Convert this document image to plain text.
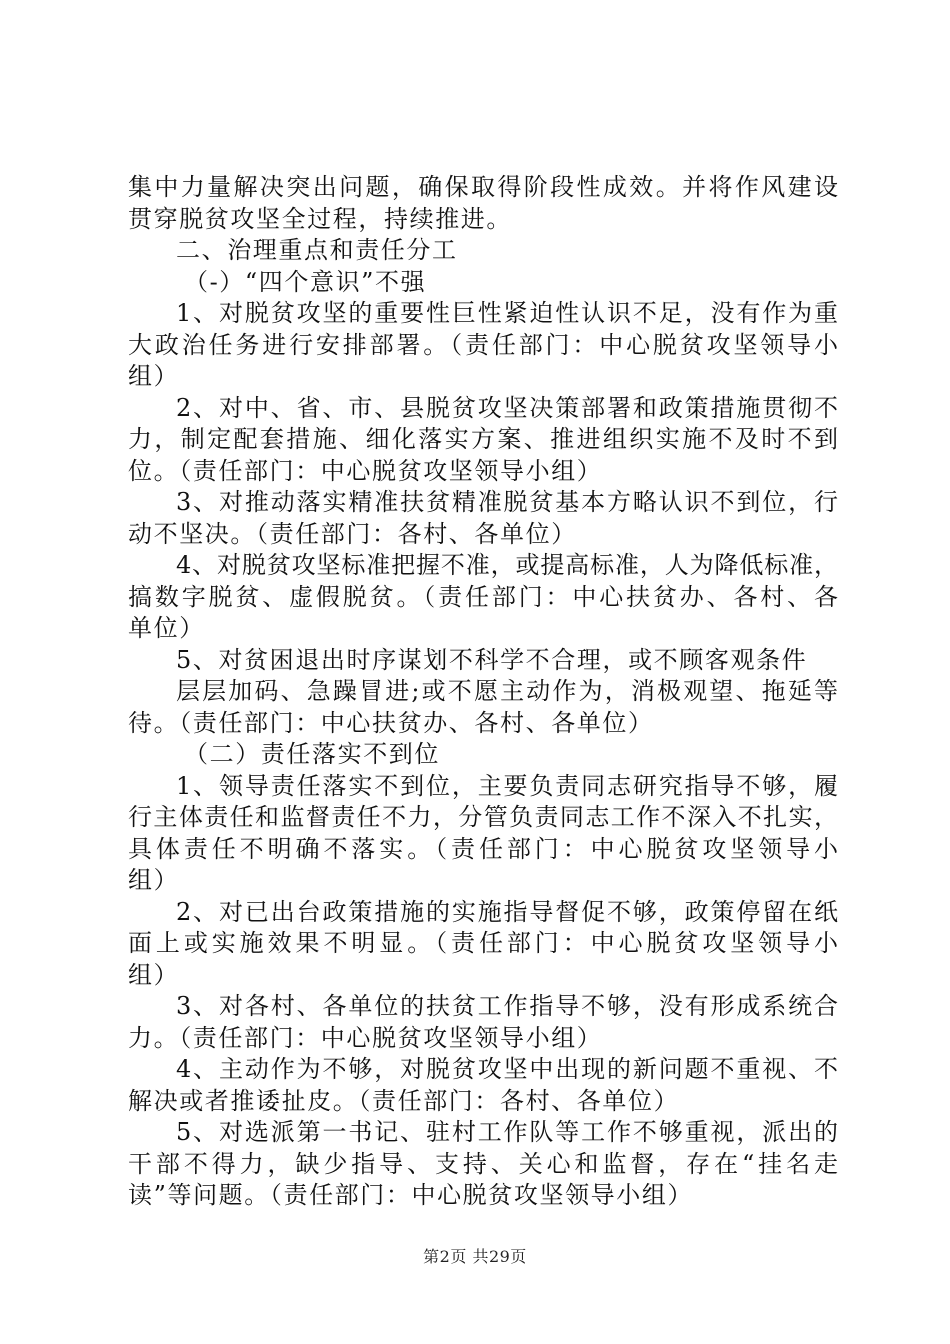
集中力量解决突出问题，确保取得阶段性成效。并将作风建设
贯穿脱贫攻坚全过程，持续推进。
二、治理重点和责任分工
（-）“四个意识”不强
1、对脱贫攻坚的重要性巨性紧迫性认识不足，没有作为重
大政治任务进行安排部署。（责任部门：中心脱贫攻坚领导小
组）
2、对中、省、市、县脱贫攻坚决策部署和政策措施贯彻不
力，制定配套措施、细化落实方案、推进组织实施不及时不到
位。（责任部门：中心脱贫攻坚领导小组）
3、对推动落实精准扶贫精准脱贫基本方略认识不到位，行
动不坚决。（责任部门：各村、各单位）
4、对脱贫攻坚标准把握不准，或提高标准，人为降低标准，
搞数字脱贫、虚假脱贫。（责任部门：中心扶贫办、各村、各
单位）
5、对贫困退出时序谋划不科学不合理，或不顾客观条件
层层加码、急躁冒进;或不愿主动作为，消极观望、拖延等
待。（责任部门：中心扶贫办、各村、各单位）
（二）责任落实不到位
1、领导责任落实不到位，主要负责同志研究指导不够，履
行主体责任和监督责任不力，分管负责同志工作不深入不扎实，
具体责任不明确不落实。（责任部门：中心脱贫攻坚领导小
组）
2、对已出台政策措施的实施指导督促不够，政策停留在纸
面上或实施效果不明显。（责任部门：中心脱贫攻坚领导小
组）
3、对各村、各单位的扶贫工作指导不够，没有形成系统合
力。（责任部门：中心脱贫攻坚领导小组）
4、主动作为不够，对脱贫攻坚中出现的新问题不重视、不
解决或者推诿扯皮。（责任部门：各村、各单位）
5、对选派第一书记、驻村工作队等工作不够重视，派出的
干部不得力，缺少指导、支持、关心和监督，存在“挂名走
读”等问题。（责任部门：中心脱贫攻坚领导小组）
第2页 共29页
